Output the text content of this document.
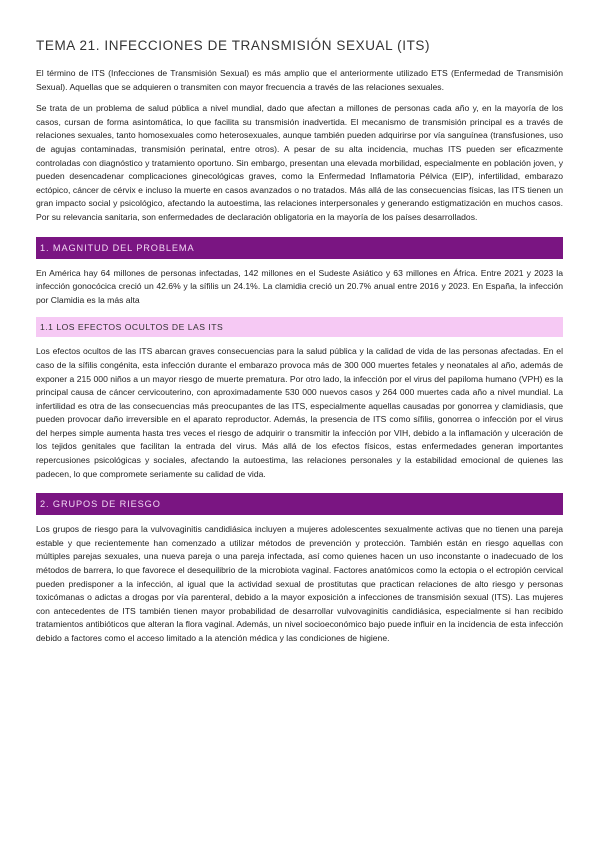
TEMA 21. INFECCIONES DE TRANSMISIÓN SEXUAL (ITS)

El término de ITS (Infecciones de Transmisión Sexual) es más amplio que el anteriormente utilizado ETS (Enfermedad de Transmisión Sexual). Aquellas que se adquieren o transmiten con mayor frecuencia a través de las relaciones sexuales.

Se trata de un problema de salud pública a nivel mundial, dado que afectan a millones de personas cada año y, en la mayoría de los casos, cursan de forma asintomática, lo que facilita su transmisión inadvertida. El mecanismo de transmisión principal es a través de relaciones sexuales, tanto homosexuales como heterosexuales, aunque también pueden adquirirse por vía sanguínea (transfusiones, uso de agujas contaminadas, transmisión perinatal, entre otros). A pesar de su alta incidencia, muchas ITS pueden ser eficazmente controladas con diagnóstico y tratamiento oportuno. Sin embargo, presentan una elevada morbilidad, especialmente en población joven, y pueden desencadenar complicaciones ginecológicas graves, como la Enfermedad Inflamatoria Pélvica (EIP), infertilidad, embarazo ectópico, cáncer de cérvix e incluso la muerte en casos avanzados o no tratados. Más allá de las consecuencias físicas, las ITS tienen un gran impacto social y psicológico, afectando la autoestima, las relaciones interpersonales y generando estigmatización en muchos casos. Por su relevancia sanitaria, son enfermedades de declaración obligatoria en la mayoría de los países desarrollados.

1. MAGNITUD DEL PROBLEMA

En América hay 64 millones de personas infectadas, 142 millones en el Sudeste Asiático y 63 millones en África. Entre 2021 y 2023 la infección gonocócica creció un 42.6% y la sífilis un 24.1%. La clamidia creció un 20.7% anual entre 2016 y 2023. En España, la infección por Clamidia es la más alta

1.1 LOS EFECTOS OCULTOS DE LAS ITS

Los efectos ocultos de las ITS abarcan graves consecuencias para la salud pública y la calidad de vida de las personas afectadas. En el caso de la sífilis congénita, esta infección durante el embarazo provoca más de 300 000 muertes fetales y neonatales al año, además de exponer a 215 000 niños a un mayor riesgo de muerte prematura. Por otro lado, la infección por el virus del papiloma humano (VPH) es la principal causa de cáncer cervicouterino, con aproximadamente 530 000 nuevos casos y 264 000 muertes cada año a nivel mundial. La infertilidad es otra de las consecuencias más preocupantes de las ITS, especialmente aquellas causadas por gonorrea y clamidiasis, que pueden provocar daño irreversible en el aparato reproductor. Además, la presencia de ITS como sífilis, gonorrea o infección por el virus del herpes simple aumenta hasta tres veces el riesgo de adquirir o transmitir la infección por VIH, debido a la inflamación y ulceración de los tejidos genitales que facilitan la entrada del virus. Más allá de los efectos físicos, estas enfermedades generan importantes repercusiones psicológicas y sociales, afectando la autoestima, las relaciones personales y la estabilidad emocional de quienes las padecen, lo que compromete seriamente su calidad de vida.

2. GRUPOS DE RIESGO

Los grupos de riesgo para la vulvovaginitis candidiásica incluyen a mujeres adolescentes sexualmente activas que no tienen una pareja estable y que recientemente han comenzado a utilizar métodos de prevención y protección. También están en riesgo aquellas con múltiples parejas sexuales, una nueva pareja o una pareja infectada, así como quienes hacen un uso inconstante o inadecuado de los métodos de barrera, lo que favorece el desequilibrio de la microbiota vaginal. Factores anatómicos como la ectopia o el ectropión cervical pueden predisponer a la infección, al igual que la actividad sexual de prostitutas que practican relaciones de alto riesgo y personas toxicómanas o adictas a drogas por vía parenteral, debido a la mayor exposición a infecciones de transmisión sexual (ITS). Las mujeres con antecedentes de ITS también tienen mayor probabilidad de desarrollar vulvovaginitis candidiásica, especialmente si han recibido tratamientos antibióticos que alteran la flora vaginal. Además, un nivel socioeconómico bajo puede influir en la incidencia de esta infección debido a factores como el acceso limitado a la atención médica y las condiciones de higiene.
